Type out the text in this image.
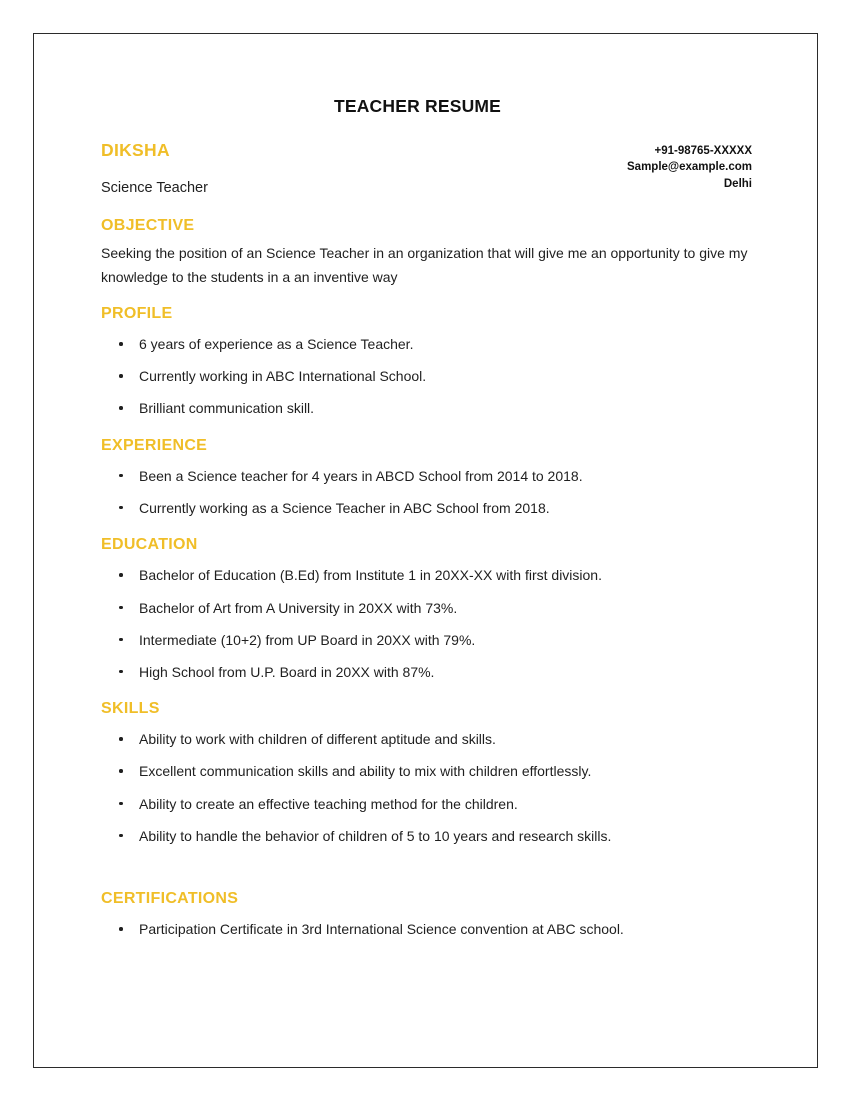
TEACHER RESUME
DIKSHA
Science Teacher
+91-98765-XXXXX
Sample@example.com
Delhi
OBJECTIVE

Seeking the position of an Science Teacher in an organization that will give me an opportunity to give my knowledge to the students in a an inventive way

PROFILE
6 years of experience as a Science Teacher.
Currently working in ABC International School.
Brilliant communication skill.
EXPERIENCE
Been a Science teacher for 4 years in ABCD School from 2014 to 2018.
Currently working as a Science Teacher in ABC School from 2018.
EDUCATION
Bachelor of Education (B.Ed) from Institute 1 in 20XX-XX with first division.
Bachelor of Art from A University in 20XX with 73%.
Intermediate (10+2) from UP Board in 20XX with 79%.
High School from U.P. Board in 20XX with 87%.
SKILLS
Ability to work with children of different aptitude and skills.
Excellent communication skills and ability to mix with children effortlessly.
Ability to create an effective teaching method for the children.
Ability to handle the behavior of children of 5 to 10 years and research skills.
CERTIFICATIONS
Participation Certificate in 3rd International Science convention at ABC school.
